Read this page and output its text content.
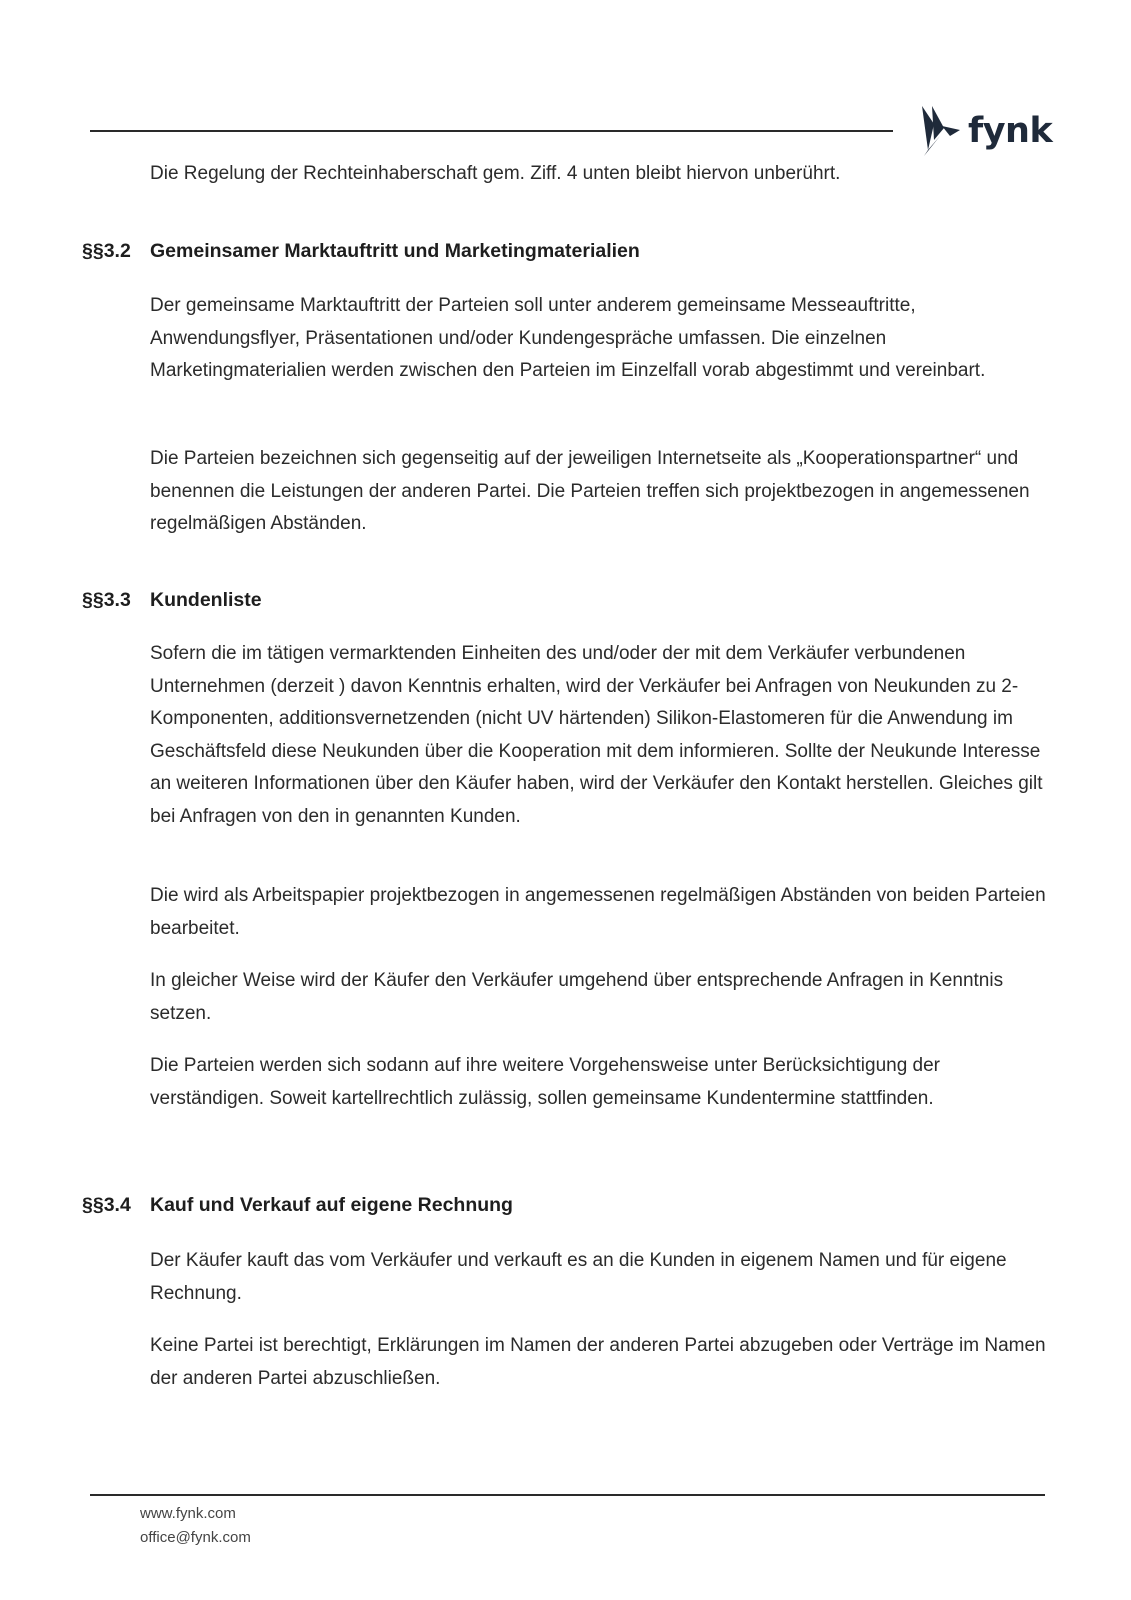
fynk

Die Regelung der Rechteinhaberschaft gem. Ziff. 4 unten bleibt hiervon unberührt.

§§3.2 Gemeinsamer Marktauftritt und Marketingmaterialien

Der gemeinsame Marktauftritt der Parteien soll unter anderem gemeinsame Messeauftritte, Anwendungsflyer, Präsentationen und/oder Kundengespräche umfassen. Die einzelnen Marketingmaterialien werden zwischen den Parteien im Einzelfall vorab abgestimmt und vereinbart.

Die Parteien bezeichnen sich gegenseitig auf der jeweiligen Internetseite als „Kooperationspartner“ und benennen die Leistungen der anderen Partei. Die Parteien treffen sich projektbezogen in angemessenen regelmäßigen Abständen.

§§3.3 Kundenliste

Sofern die im tätigen vermarktenden Einheiten des und/oder der mit dem Verkäufer verbundenen Unternehmen (derzeit ) davon Kenntnis erhalten, wird der Verkäufer bei Anfragen von Neukunden zu 2-Komponenten, additionsvernetzenden (nicht UV härtenden) Silikon-Elastomeren für die Anwendung im Geschäftsfeld diese Neukunden über die Kooperation mit dem informieren. Sollte der Neukunde Interesse an weiteren Informationen über den Käufer haben, wird der Verkäufer den Kontakt herstellen. Gleiches gilt bei Anfragen von den in genannten Kunden.

Die wird als Arbeitspapier projektbezogen in angemessenen regelmäßigen Abständen von beiden Parteien bearbeitet.

In gleicher Weise wird der Käufer den Verkäufer umgehend über entsprechende Anfragen in Kenntnis setzen.

Die Parteien werden sich sodann auf ihre weitere Vorgehensweise unter Berücksichtigung der verständigen. Soweit kartellrechtlich zulässig, sollen gemeinsame Kundentermine stattfinden.

§§3.4 Kauf und Verkauf auf eigene Rechnung

Der Käufer kauft das vom Verkäufer und verkauft es an die Kunden in eigenem Namen und für eigene Rechnung.

Keine Partei ist berechtigt, Erklärungen im Namen der anderen Partei abzugeben oder Verträge im Namen der anderen Partei abzuschließen.

www.fynk.com
office@fynk.com
